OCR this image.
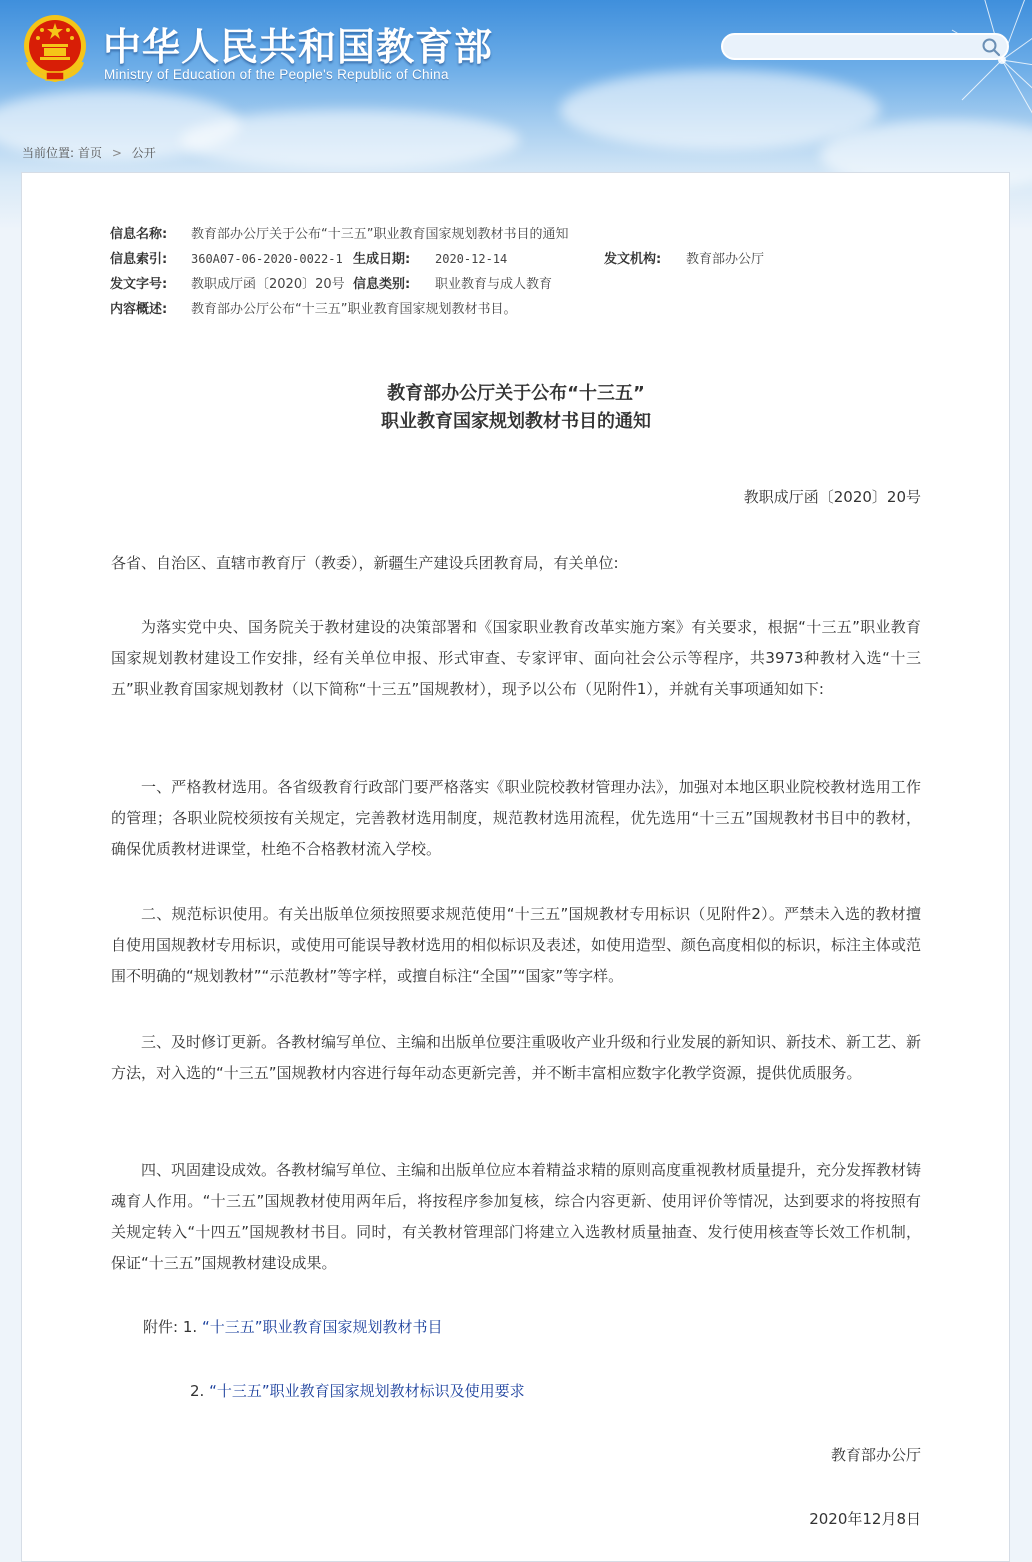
中华人民共和国教育部
Ministry of Education of the People's Republic of China
当前位置: 首页 > 公开
信息名称: 教育部办公厅关于公布“十三五”职业教育国家规划教材书目的通知
信息索引: 360A07-06-2020-0022-1 生成日期: 2020-12-14	发文机构: 教育部办公厅
发文字号: 教职成厅函〔2020〕20号 信息类别: 职业教育与成人教育
内容概述: 教育部办公厅公布“十三五”职业教育国家规划教材书目。
教育部办公厅关于公布“十三五”
职业教育国家规划教材书目的通知
教职成厅函〔2020〕20号

各省、自治区、直辖市教育厅（教委），新疆生产建设兵团教育局，有关单位:

为落实党中央、国务院关于教材建设的决策部署和《国家职业教育改革实施方案》有关要求，根据“十三五”职业教育国家规划教材建设工作安排，经有关单位申报、形式审查、专家评审、面向社会公示等程序，共3973种教材入选“十三五”职业教育国家规划教材（以下简称“十三五”国规教材），现予以公布（见附件1），并就有关事项通知如下:

一、严格教材选用。各省级教育行政部门要严格落实《职业院校教材管理办法》，加强对本地区职业院校教材选用工作的管理；各职业院校须按有关规定，完善教材选用制度，规范教材选用流程，优先选用“十三五”国规教材书目中的教材，确保优质教材进课堂，杜绝不合格教材流入学校。

二、规范标识使用。有关出版单位须按照要求规范使用“十三五”国规教材专用标识（见附件2）。严禁未入选的教材擅自使用国规教材专用标识，或使用可能误导教材选用的相似标识及表述，如使用造型、颜色高度相似的标识，标注主体或范围不明确的“规划教材”“示范教材”等字样，或擅自标注“全国”“国家”等字样。

三、及时修订更新。各教材编写单位、主编和出版单位要注重吸收产业升级和行业发展的新知识、新技术、新工艺、新方法，对入选的“十三五”国规教材内容进行每年动态更新完善，并不断丰富相应数字化教学资源，提供优质服务。

四、巩固建设成效。各教材编写单位、主编和出版单位应本着精益求精的原则高度重视教材质量提升，充分发挥教材铸魂育人作用。“十三五”国规教材使用两年后，将按程序参加复核，综合内容更新、使用评价等情况，达到要求的将按照有关规定转入“十四五”国规教材书目。同时，有关教材管理部门将建立入选教材质量抽查、发行使用核查等长效工作机制，保证“十三五”国规教材建设成果。

附件: 1. “十三五”职业教育国家规划教材书目
2. “十三五”职业教育国家规划教材标识及使用要求
教育部办公厅
2020年12月8日
